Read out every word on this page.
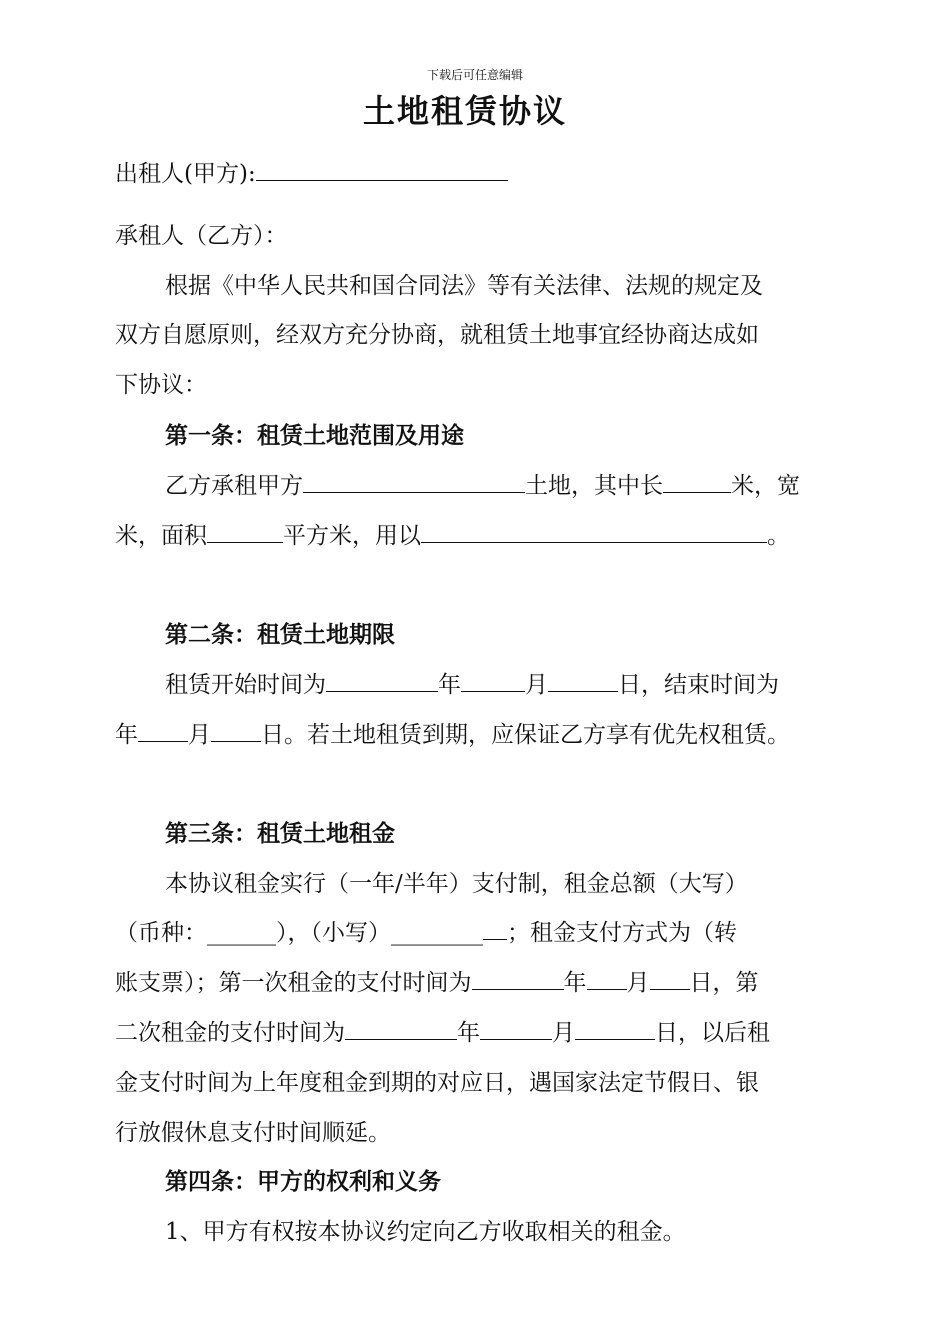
下载后可任意编辑
土地租赁协议
出租人(甲方):
承租人（乙方）：
根据《中华人民共和国合同法》等有关法律、法规的规定及
双方自愿原则，经双方充分协商，就租赁土地事宜经协商达成如
下协议：
第一条：租赁土地范围及用途
乙方承租甲方	土地，其中长	米，宽
米，面积	平方米，用以	。
第二条：租赁土地期限
租赁开始时间为	年	月	日，结束时间为
年 月 日。若土地租赁到期，应保证乙方享有优先权租赁。
第三条：租赁土地租金
本协议租金实行（一年/半年）支付制，租金总额（大写）
（币种：______），（小写）________ ；租金支付方式为（转
账支票）；第一次租金的支付时间为	年 月 日，第
二次租金的支付时间为	年	月	日，以后租
金支付时间为上年度租金到期的对应日，遇国家法定节假日、银
行放假休息支付时间顺延。
第四条：甲方的权利和义务
1、甲方有权按本协议约定向乙方收取相关的租金。
